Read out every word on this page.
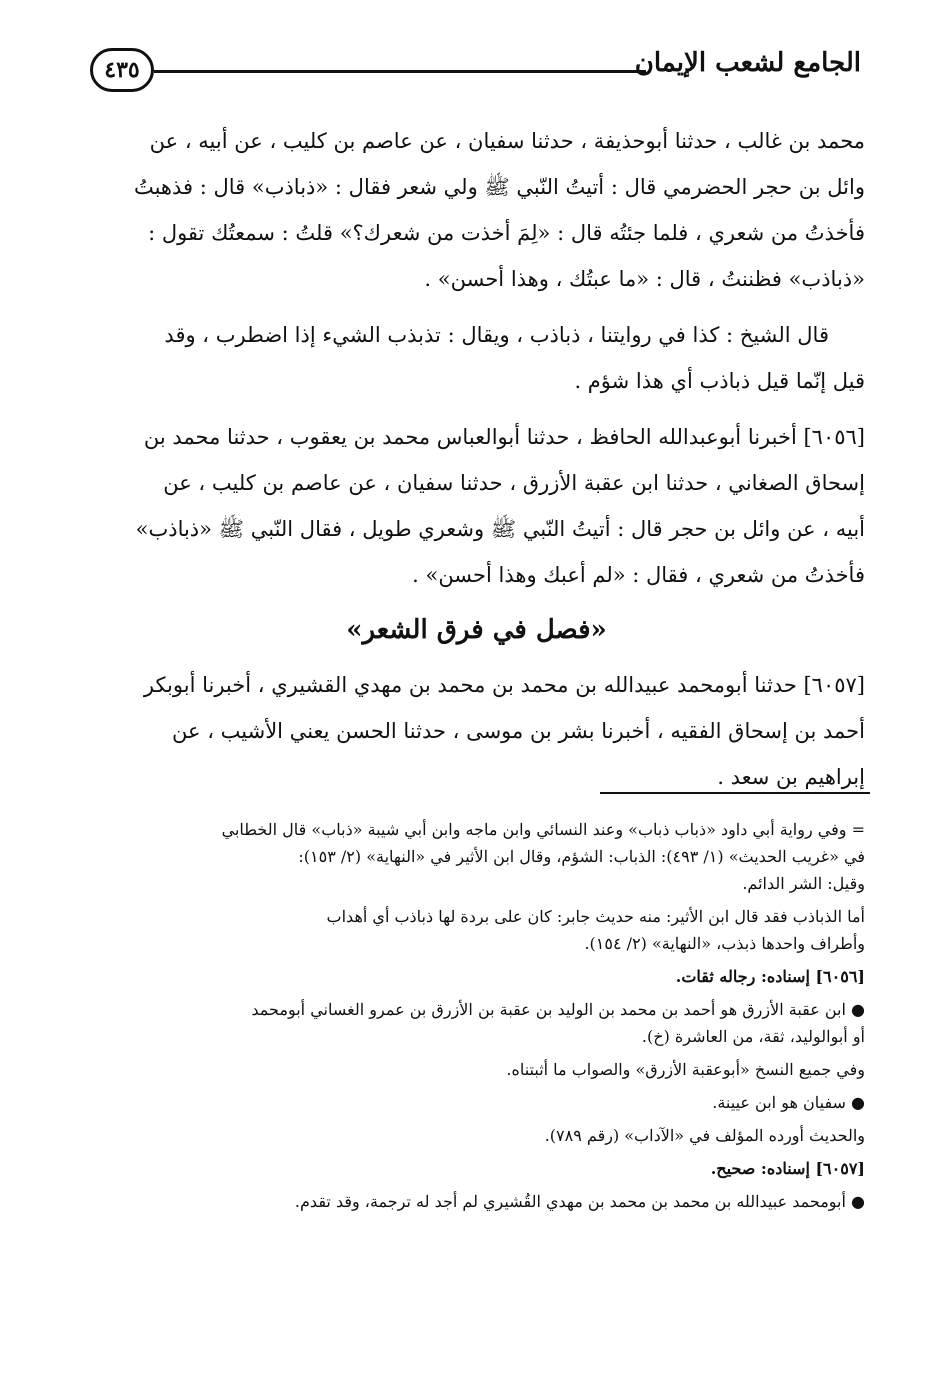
٤٣٥	الجامع لشعب الإيمان
محمد بن غالب ، حدثنا أبوحذيفة ، حدثنا سفيان ، عن عاصم بن كليب ، عن أبيه ، عن
وائل بن حجر الحضرمي قال : أتيتُ النّبي ﷺ ولي شعر فقال : «ذباذب» قال : فذهبتُ
فأخذتُ من شعري ، فلما جئتُه قال : «لِمَ أخذت من شعرك؟» قلتُ : سمعتُك تقول :
«ذباذب» فظننتُ ، قال : «ما عبتُك ، وهذا أحسن» .
قال الشيخ : كذا في روايتنا ، ذباذب ، ويقال : تذبذب الشيء إذا اضطرب ، وقد
قيل إنّما قيل ذباذب أي هذا شؤم .
[٦٠٥٦] أخبرنا أبوعبدالله الحافظ ، حدثنا أبوالعباس محمد بن يعقوب ، حدثنا محمد بن
إسحاق الصغاني ، حدثنا ابن عقبة الأزرق ، حدثنا سفيان ، عن عاصم بن كليب ، عن
أبيه ، عن وائل بن حجر قال : أتيتُ النّبي ﷺ وشعري طويل ، فقال النّبي ﷺ «ذباذب»
فأخذتُ من شعري ، فقال : «لم أعبك وهذا أحسن» .
«فصل في فرق الشعر»
[٦٠٥٧] حدثنا أبومحمد عبيدالله بن محمد بن محمد بن مهدي القشيري ، أخبرنا أبوبكر
أحمد بن إسحاق الفقيه ، أخبرنا بشر بن موسى ، حدثنا الحسن يعني الأشيب ، عن
إبراهيم بن سعد .
= وفي رواية أبي داود «ذباب ذباب» وعند النسائي وابن ماجه وابن أبي شيبة «ذباب» قال الخطابي
في «غريب الحديث» (١/ ٤٩٣): الذباب: الشؤم، وقال ابن الأثير في «النهاية» (٢/ ١٥٣):
وقيل: الشر الدائم.
أما الذباذب فقد قال ابن الأثير: منه حديث جابر: كان على بردة لها ذباذب أي أهداب
وأطراف واحدها ذبذب، «النهاية» (٢/ ١٥٤).
[٦٠٥٦] إسناده: رجاله ثقات.
● ابن عقبة الأزرق هو أحمد بن محمد بن الوليد بن عقبة بن الأزرق بن عمرو الغساني أبومحمد
أو أبوالوليد، ثقة، من العاشرة (خ).
وفي جميع النسخ «أبوعقبة الأزرق» والصواب ما أثبتناه.
● سفيان هو ابن عيينة.
والحديث أورده المؤلف في «الآداب» (رقم ٧٨٩).
[٦٠٥٧] إسناده: صحيح.
● أبومحمد عبيدالله بن محمد بن محمد بن مهدي القُشيري لم أجد له ترجمة، وقد تقدم.
